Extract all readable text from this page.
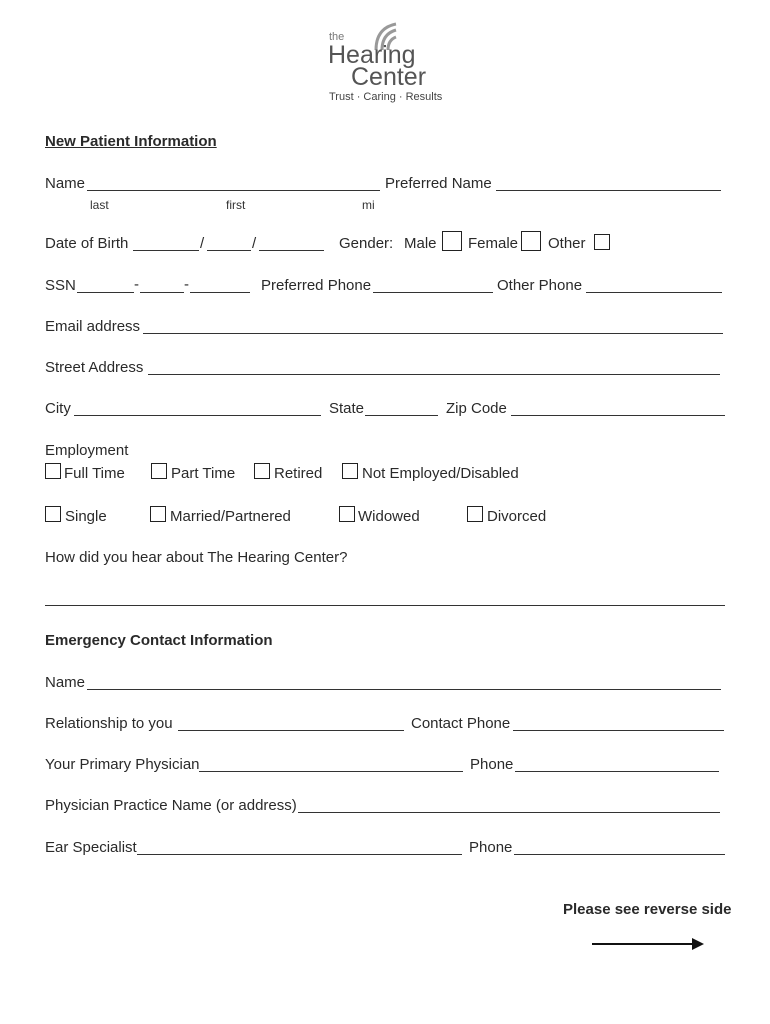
the
Hearing
Center
Trust · Caring · Results
New Patient Information
Name	Preferred Name
last	first	mi
Date of Birth	/	/	Gender: Male Female Other
SSN	-	-	Preferred Phone	Other Phone
Email address
Street Address
City	State	Zip Code
Employment
Full Time	Part Time	Retired	Not Employed/Disabled
Single	Married/Partnered	Widowed	Divorced
How did you hear about The Hearing Center?
Emergency Contact Information
Name
Relationship to you	Contact Phone
Your Primary Physician	Phone
Physician Practice Name (or address)
Ear Specialist	Phone
Please see reverse side
